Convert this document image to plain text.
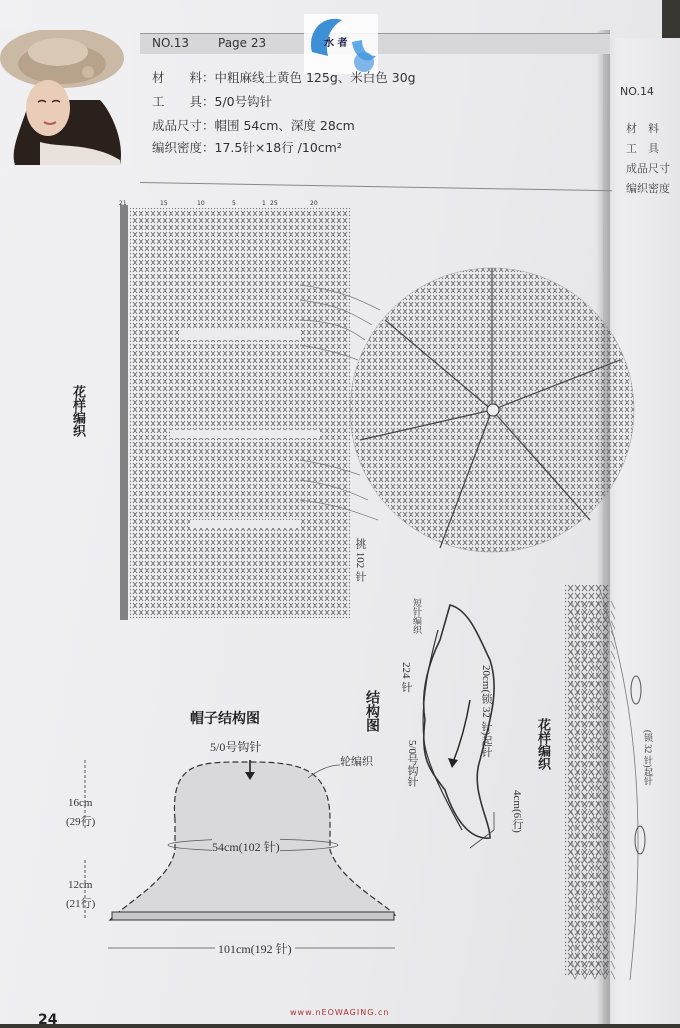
NO.13 Page 23
NO.14
水 者
材　　料：中粗麻线土黄色 125g、米白色 30g
工　　具：5/0号钩针
成品尺寸：帽围 54cm、深度 28cm
编织密度：17.5针×18行 /10cm²
材　料
工　具
成品尺寸
编织密度
21	15	10	5	1 25	20
花样编织
挑 102 针
结构图
花样编织
5/0号钩针
短针编织
224 针	20cm(锁 32 针)起针
4cm(6行)
(锁 32 针)起针
帽子结构图
5/0号钩针
轮编织
16cm
(29行)
12cm
(21行)
54cm(102 针)
101cm(192 针)
www.nEOWAGING.cn
24
